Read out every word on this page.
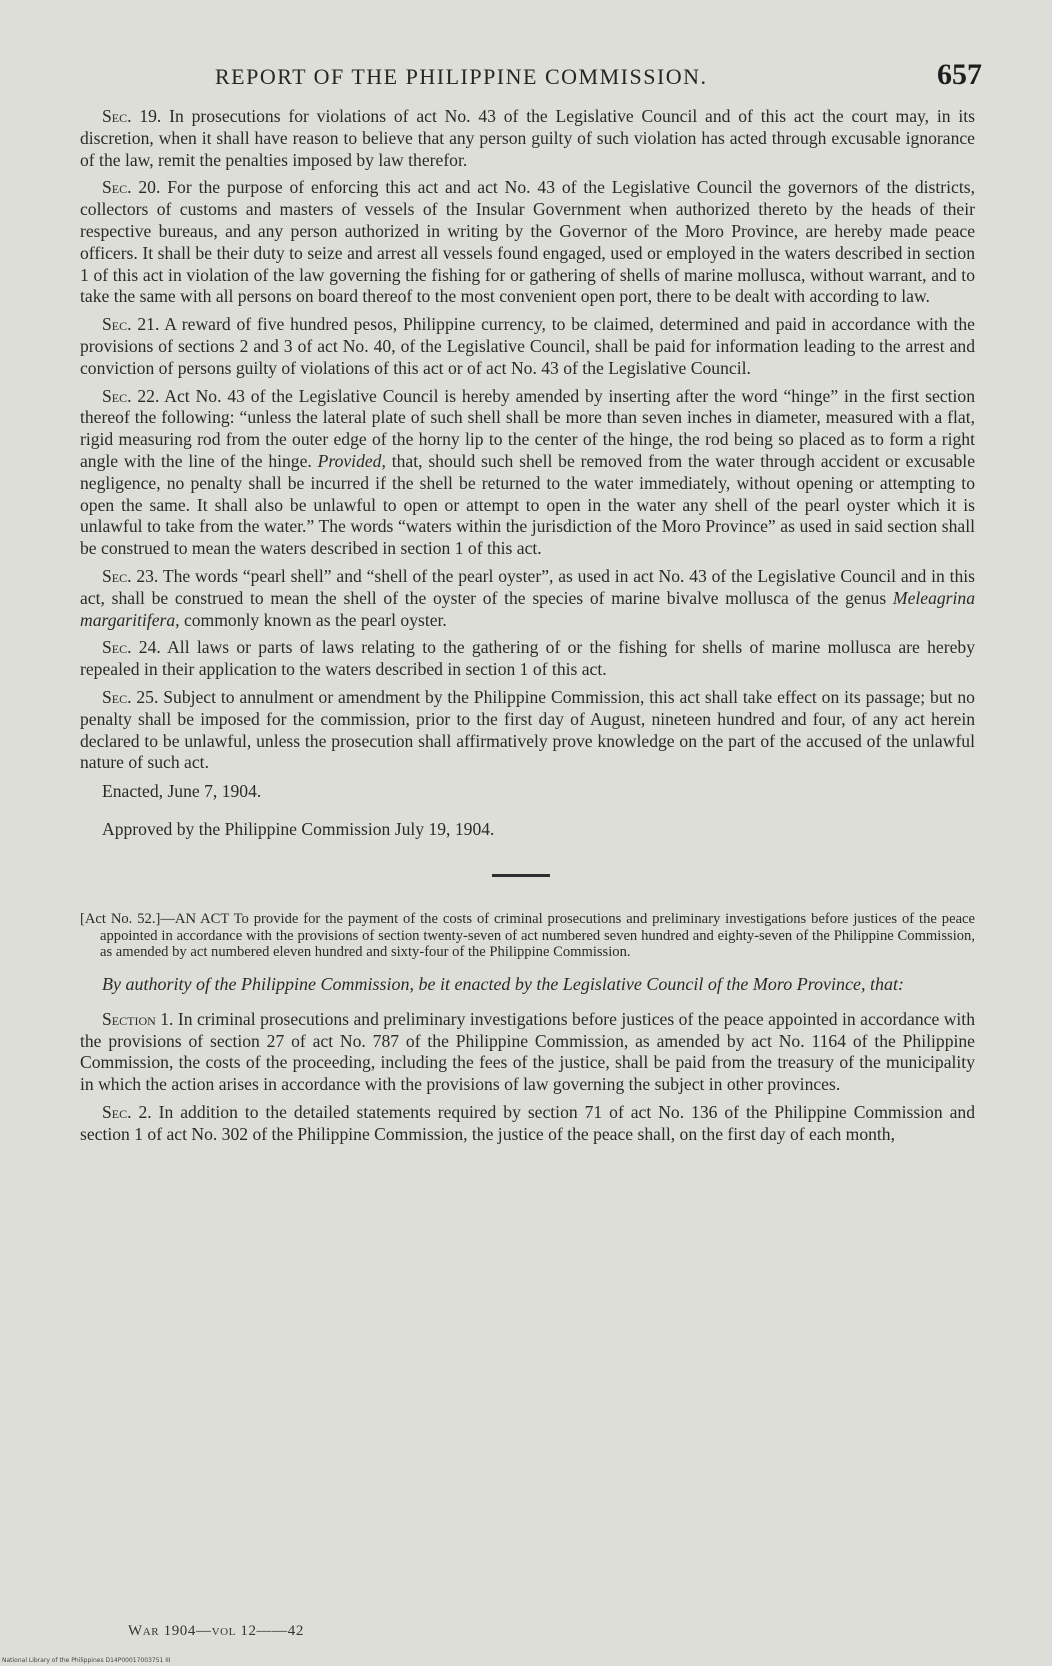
REPORT OF THE PHILIPPINE COMMISSION.	657

Sec. 19. In prosecutions for violations of act No. 43 of the Legislative Council and of this act the court may, in its discretion, when it shall have reason to believe that any person guilty of such violation has acted through excusable ignorance of the law, remit the penalties imposed by law therefor.

Sec. 20. For the purpose of enforcing this act and act No. 43 of the Legislative Council the governors of the districts, collectors of customs and masters of vessels of the Insular Government when authorized thereto by the heads of their respective bureaus, and any person authorized in writing by the Governor of the Moro Province, are hereby made peace officers. It shall be their duty to seize and arrest all vessels found engaged, used or employed in the waters described in section 1 of this act in violation of the law governing the fishing for or gathering of shells of marine mollusca, without warrant, and to take the same with all persons on board thereof to the most convenient open port, there to be dealt with according to law.

Sec. 21. A reward of five hundred pesos, Philippine currency, to be claimed, determined and paid in accordance with the provisions of sections 2 and 3 of act No. 40, of the Legislative Council, shall be paid for information leading to the arrest and conviction of persons guilty of violations of this act or of act No. 43 of the Legislative Council.

Sec. 22. Act No. 43 of the Legislative Council is hereby amended by inserting after the word “hinge” in the first section thereof the following: “unless the lateral plate of such shell shall be more than seven inches in diameter, measured with a flat, rigid measuring rod from the outer edge of the horny lip to the center of the hinge, the rod being so placed as to form a right angle with the line of the hinge. Provided, that, should such shell be removed from the water through accident or excusable negligence, no penalty shall be incurred if the shell be returned to the water immediately, without opening or attempting to open the same. It shall also be unlawful to open or attempt to open in the water any shell of the pearl oyster which it is unlawful to take from the water.” The words “waters within the jurisdiction of the Moro Province” as used in said section shall be construed to mean the waters described in section 1 of this act.

Sec. 23. The words “pearl shell” and “shell of the pearl oyster”, as used in act No. 43 of the Legislative Council and in this act, shall be construed to mean the shell of the oyster of the species of marine bivalve mollusca of the genus Meleagrina margaritifera, commonly known as the pearl oyster.

Sec. 24. All laws or parts of laws relating to the gathering of or the fishing for shells of marine mollusca are hereby repealed in their application to the waters described in section 1 of this act.

Sec. 25. Subject to annulment or amendment by the Philippine Commission, this act shall take effect on its passage; but no penalty shall be imposed for the commission, prior to the first day of August, nineteen hundred and four, of any act herein declared to be unlawful, unless the prosecution shall affirmatively prove knowledge on the part of the accused of the unlawful nature of such act.

Enacted, June 7, 1904.

Approved by the Philippine Commission July 19, 1904.

[Act No. 52.]—AN ACT To provide for the payment of the costs of criminal prosecutions and preliminary investigations before justices of the peace appointed in accordance with the provisions of section twenty-seven of act numbered seven hundred and eighty-seven of the Philippine Commission, as amended by act numbered eleven hundred and sixty-four of the Philippine Commission.

By authority of the Philippine Commission, be it enacted by the Legislative Council of the Moro Province, that:

Section 1. In criminal prosecutions and preliminary investigations before justices of the peace appointed in accordance with the provisions of section 27 of act No. 787 of the Philippine Commission, as amended by act No. 1164 of the Philippine Commission, the costs of the proceeding, including the fees of the justice, shall be paid from the treasury of the municipality in which the action arises in accordance with the provisions of law governing the subject in other provinces.

Sec. 2. In addition to the detailed statements required by section 71 of act No. 136 of the Philippine Commission and section 1 of act No. 302 of the Philippine Commission, the justice of the peace shall, on the first day of each month,

War 1904—vol 12——42
National Library of the Philippines D14P00017003751 III
